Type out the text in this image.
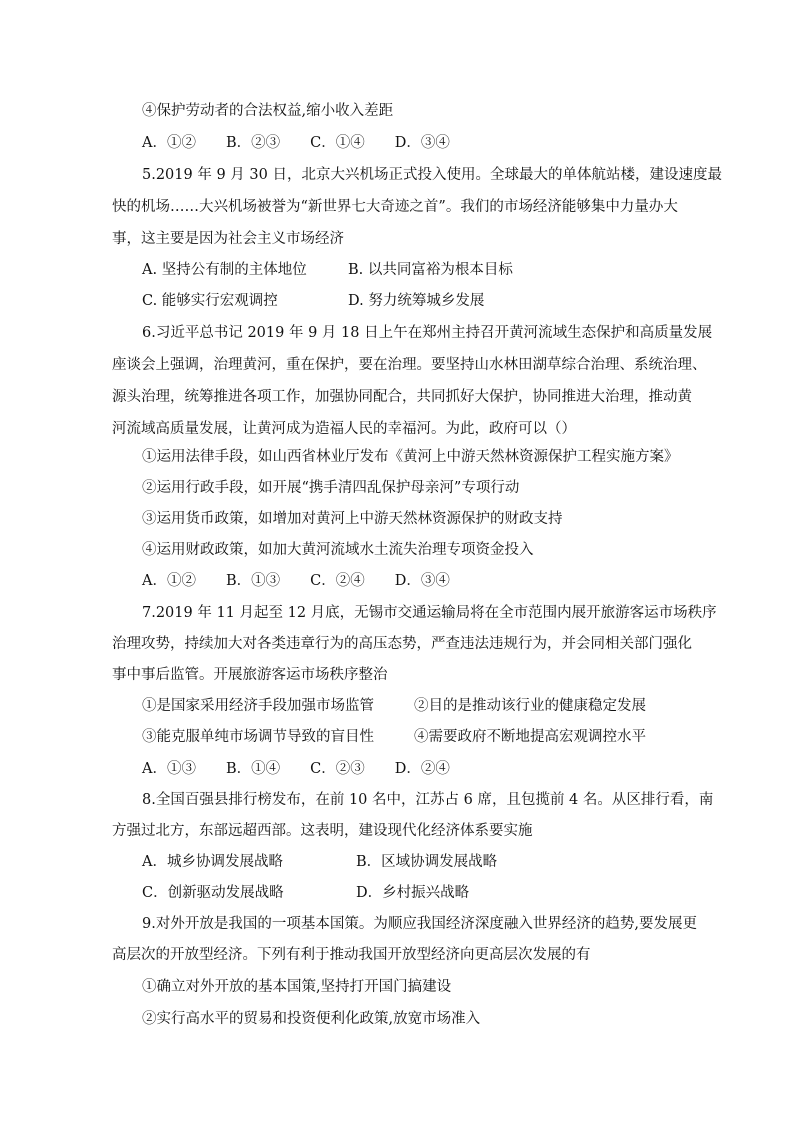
④保护劳动者的合法权益,缩小收入差距
A．①② B．②③ C．①④ D．③④
5.2019 年 9 月 30 日，北京大兴机场正式投入使用。全球最大的单体航站楼，建设速度最
快的机场……大兴机场被誉为“新世界七大奇迹之首”。我们的市场经济能够集中力量办大
事，这主要是因为社会主义市场经济
A. 坚持公有制的主体地位	B. 以共同富裕为根本目标
C. 能够实行宏观调控	D. 努力统筹城乡发展
6.习近平总书记 2019 年 9 月 18 日上午在郑州主持召开黄河流域生态保护和高质量发展
座谈会上强调，治理黄河，重在保护，要在治理。要坚持山水林田湖草综合治理、系统治理、
源头治理，统筹推进各项工作，加强协同配合，共同抓好大保护，协同推进大治理，推动黄
河流域高质量发展，让黄河成为造福人民的幸福河。为此，政府可以（）
①运用法律手段，如山西省林业厅发布《黄河上中游天然林资源保护工程实施方案》
②运用行政手段，如开展“携手清四乱保护母亲河”专项行动
③运用货币政策，如增加对黄河上中游天然林资源保护的财政支持
④运用财政政策，如加大黄河流域水土流失治理专项资金投入
A．①② B．①③ C．②④ D．③④
7.2019 年 11 月起至 12 月底，无锡市交通运输局将在全市范围内展开旅游客运市场秩序
治理攻势，持续加大对各类违章行为的高压态势，严查违法违规行为，并会同相关部门强化
事中事后监管。开展旅游客运市场秩序整治
①是国家采用经济手段加强市场监管	②目的是推动该行业的健康稳定发展
③能克服单纯市场调节导致的盲目性	④需要政府不断地提高宏观调控水平
A．①③ B．①④ C．②③ D．②④
8.全国百强县排行榜发布，在前 10 名中，江苏占 6 席，且包揽前 4 名。从区排行看，南
方强过北方，东部远超西部。这表明，建设现代化经济体系要实施
A．城乡协调发展战略	B．区域协调发展战略
C．创新驱动发展战略	D．乡村振兴战略
9.对外开放是我国的一项基本国策。为顺应我国经济深度融入世界经济的趋势,要发展更
高层次的开放型经济。下列有利于推动我国开放型经济向更高层次发展的有
①确立对外开放的基本国策,坚持打开国门搞建设
②实行高水平的贸易和投资便利化政策,放宽市场准入
